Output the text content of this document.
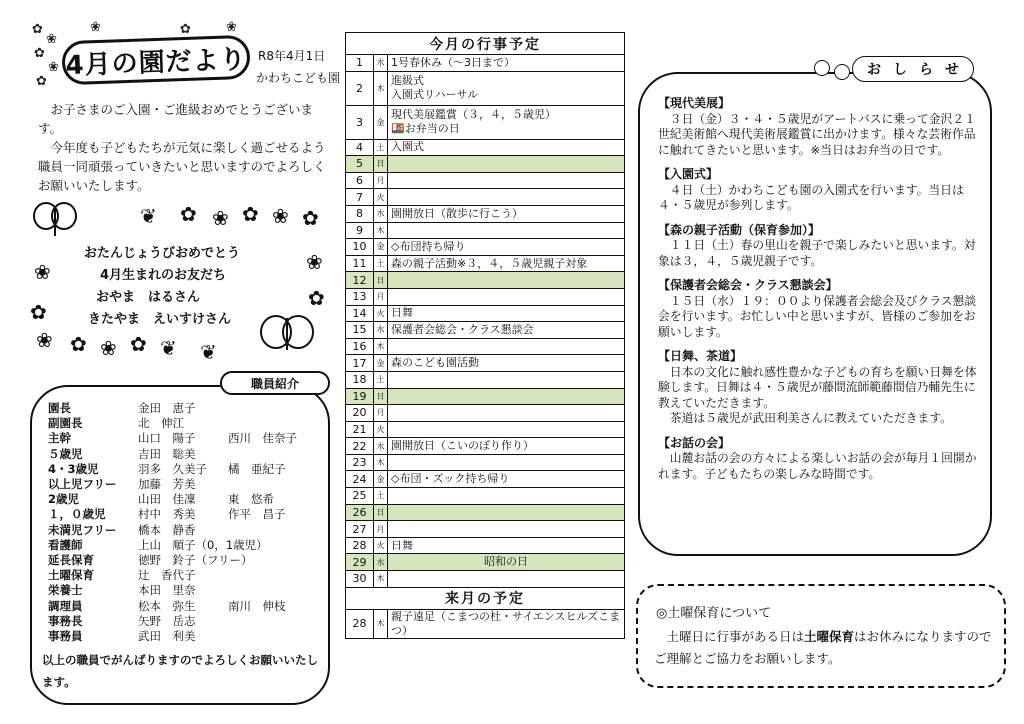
✿
❀
✿
❀
✿
❀	✿	❀
4月の園だより R8年4月1日
かわちこども園

お子さまのご入園・ご進級おめでとうございます。

今年度も子どもたちが元気に楽しく過ごせるよう職員一同頑張っていきたいと思いますのでよろしくお願いいたします。

❦ ✿ ❀ ✿ ❀ ✿
❀
✿
❀
✿
❀ ✿ ❀ ✿ ❦ ❦
おたんじょうびおめでとう
4月生まれのお友だち
おやま　はるさん
きたやま　えいすけさん
園長	金田　恵子
副園長	北　伸江
主幹	山口　陽子	西川　佳奈子
５歳児	吉田　聡美
4・3歳児	羽多　久美子	橘　亜紀子
以上児フリー	加藤　芳美
2歳児	山田　佳凜	東　悠希
１，０歳児	村中　秀美	作平　昌子
未満児フリー	橋本　静香
看護師	上山　順子（0，1歳児）
延長保育	徳野　鈴子（フリー）
土曜保育	辻　香代子
栄養士	本田　里奈
調理員	松本　弥生	南川　伸枝
事務長	矢野　岳志
事務員	武田　利美
以上の職員でがんばりますのでよろしくお願いいたします。
職員紹介
今月の行事予定		
1	水	1号春休み（～3日まで）
2	木	進級式
入園式リハーサル
3	金	現代美展鑑賞（３，４，５歳児）
🍱お弁当の日
4	土	入園式
5	日	
6	月	
7	火	
8	水	園開放日（散歩に行こう）
9	木	
10	金	◇布団持ち帰り
11	土	森の親子活動※３，４，５歳児親子対象
12	日	
13	月	
14	火	日舞
15	水	保護者会総会・クラス懇談会
16	木	
17	金	森のこども園活動
18	土	
19	日	
20	月	
21	火	
22	水	園開放日（こいのぼり作り）
23	木	
24	金	◇布団・ズック持ち帰り
25	土	
26	日	
27	月	
28	火	日舞
29	水	昭和の日
30	木	
来月の予定		
28	木	親子遠足（こまつの杜・サイエンスヒルズこまつ）
【現代美展】

３日（金）３・４・５歳児がアートバスに乗って金沢２１世紀美術館へ現代美術展鑑賞に出かけます。様々な芸術作品に触れてきたいと思います。※当日はお弁当の日です。

【入園式】

４日（土）かわちこども園の入園式を行います。当日は４・５歳児が参列します。

【森の親子活動（保育参加）】

１１日（土）春の里山を親子で楽しみたいと思います。対象は３，４，５歳児親子です。

【保護者会総会・クラス懇談会】

１５日（水）１９：００より保護者会総会及びクラス懇談会を行います。お忙しい中と思いますが、皆様のご参加をお願いします。

【日舞、茶道】

日本の文化に触れ感性豊かな子どもの育ちを願い日舞を体験します。日舞は４・５歳児が藤間流師範藤間信乃輔先生に教えていただきます。

茶道は５歳児が武田利美さんに教えていただきます。

【お話の会】

山麓お話の会の方々による楽しいお話の会が毎月１回開かれます。子どもたちの楽しみな時間です。

お し ら せ
◎土曜保育について

土曜日に行事がある日は土曜保育はお休みになりますのでご理解とご協力をお願いします。
